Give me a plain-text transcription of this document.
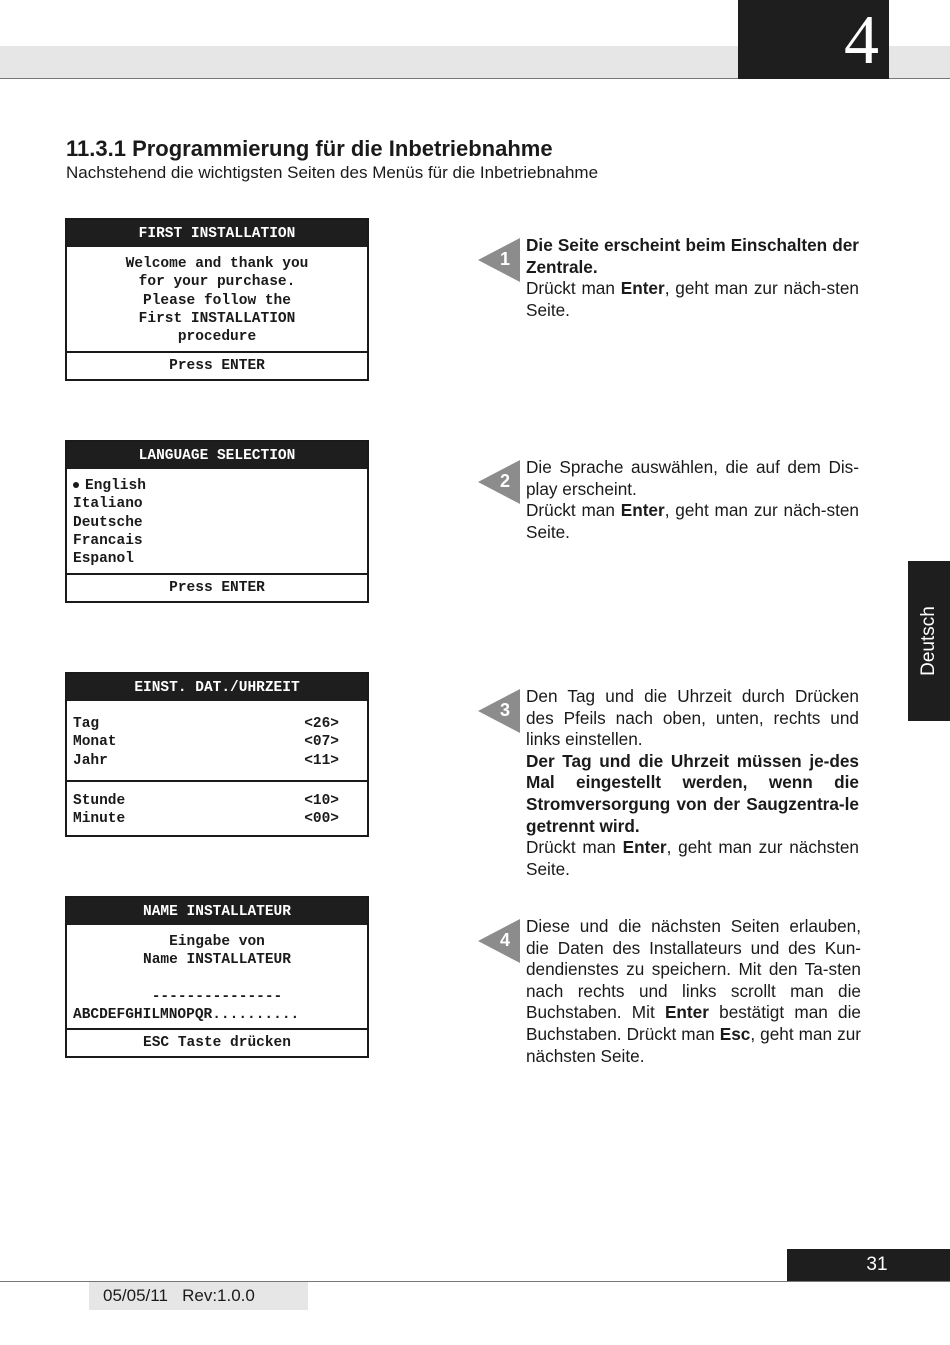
4
Deutsch
11.3.1 Programmierung für die Inbetriebnahme
Nachstehend die wichtigsten Seiten des Menüs für die Inbetriebnahme
FIRST INSTALLATION
Welcome and thank you
for your purchase.
Please follow the
First INSTALLATION
procedure
Press ENTER
LANGUAGE SELECTION
English
Italiano
Deutsche
Francais
Espanol
Press ENTER
EINST. DAT./UHRZEIT
Tag	<26>
Monat	<07>
Jahr	<11>
Stunde	<10>
Minute	<00>
NAME INSTALLATEUR
Eingabe von
Name INSTALLATEUR
---------------
ABCDEFGHILMNOPQR..........
ESC Taste drücken
1
2
3
4

Die Seite erscheint beim Einschalten der Zentrale.

Drückt man Enter, geht man zur näch-sten Seite.

Die Sprache auswählen, die auf dem Dis-play erscheint.

Drückt man Enter, geht man zur näch-sten Seite.

Den Tag und die Uhrzeit durch Drücken des Pfeils nach oben, unten, rechts und links einstellen.

Der Tag und die Uhrzeit müssen je-des Mal eingestellt werden, wenn die Stromversorgung von der Saugzentra-le getrennt wird.

Drückt man Enter, geht man zur nächsten Seite.

Diese und die nächsten Seiten erlauben, die Daten des Installateurs und des Kun-dendienstes zu speichern. Mit den Ta-sten nach rechts und links scrollt man die Buchstaben. Mit Enter bestätigt man die Buchstaben. Drückt man Esc, geht man zur nächsten Seite.

31
05/05/11   Rev:1.0.0
